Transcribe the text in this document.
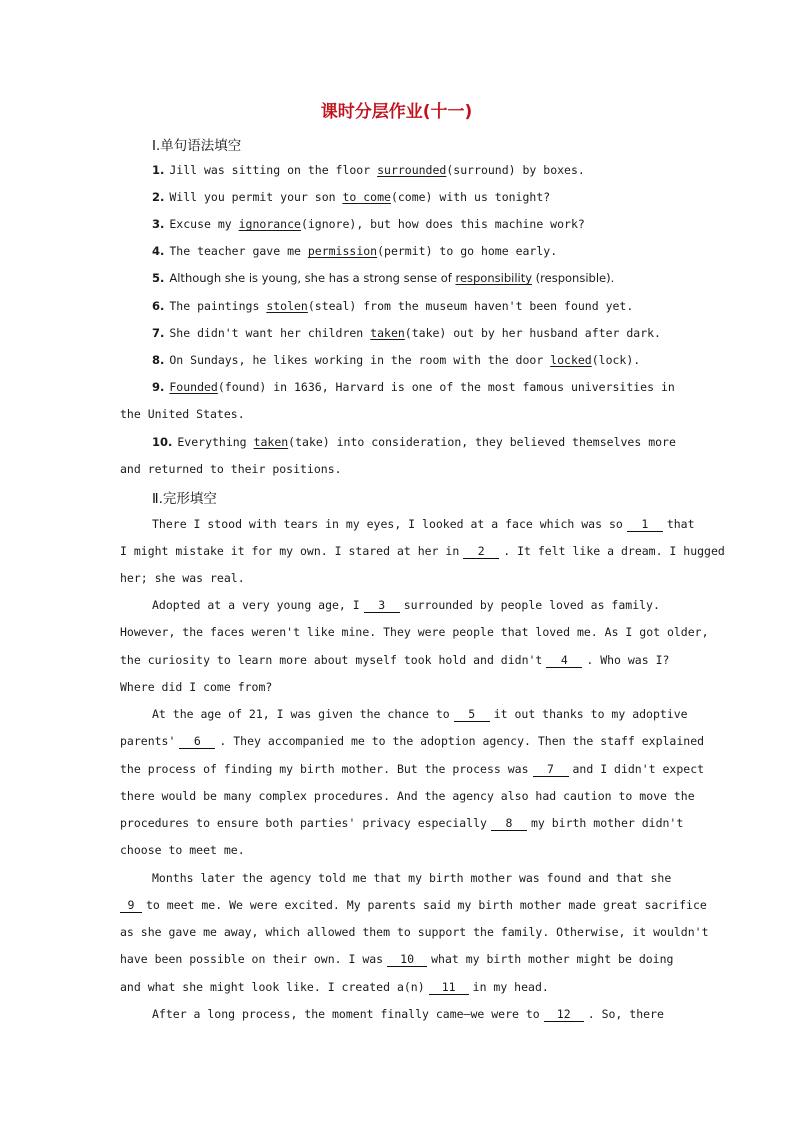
课时分层作业(十一)
Ⅰ.单句语法填空
1. Jill was sitting on the floor surrounded(surround) by boxes.
2. Will you permit your son to come(come) with us tonight?
3. Excuse my ignorance(ignore), but how does this machine work?
4. The teacher gave me permission(permit) to go home early.
5. Although she is young, she has a strong sense of responsibility (responsible).
6. The paintings stolen(steal) from the museum haven't been found yet.
7. She didn't want her children taken(take) out by her husband after dark.
8. On Sundays, he likes working in the room with the door locked(lock).
9. Founded(found) in 1636, Harvard is one of the most famous universities in
the United States.
10. Everything taken(take) into consideration, they believed themselves more
and returned to their positions.
Ⅱ.完形填空
There I stood with tears in my eyes, I looked at a face which was so 1 that
I might mistake it for my own. I stared at her in 2 . It felt like a dream. I hugged
her; she was real.
Adopted at a very young age, I 3 surrounded by people loved as family.
However, the faces weren't like mine. They were people that loved me. As I got older,
the curiosity to learn more about myself took hold and didn't 4 . Who was I?
Where did I come from?
At the age of 21, I was given the chance to 5 it out thanks to my adoptive
parents' 6 . They accompanied me to the adoption agency. Then the staff explained
the process of finding my birth mother. But the process was 7 and I didn't expect
there would be many complex procedures. And the agency also had caution to move the
procedures to ensure both parties' privacy especially 8 my birth mother didn't
choose to meet me.
Months later the agency told me that my birth mother was found and that she
9 to meet me. We were excited. My parents said my birth mother made great sacrifice
as she gave me away, which allowed them to support the family. Otherwise, it wouldn't
have been possible on their own. I was 10 what my birth mother might be doing
and what she might look like. I created a(n) 11 in my head.
After a long process, the moment finally came—we were to 12 . So, there
